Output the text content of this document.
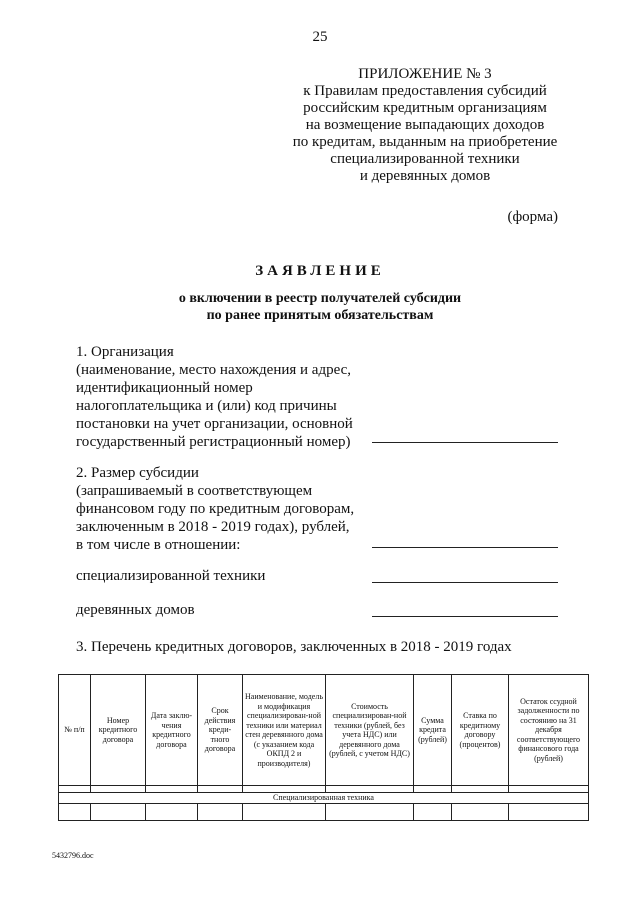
25
ПРИЛОЖЕНИЕ № 3
к Правилам предоставления субсидий
российским кредитным организациям
на возмещение выпадающих доходов
по кредитам, выданным на приобретение
специализированной техники
и деревянных домов
(форма)
ЗАЯВЛЕНИЕ
о включении в реестр получателей субсидии
по ранее принятым обязательствам
1. Организация
(наименование, место нахождения и адрес,
идентификационный номер
налогоплательщика и (или) код причины
постановки на учет организации, основной
государственный регистрационный номер)
2. Размер субсидии
(запрашиваемый в соответствующем
финансовом году по кредитным договорам,
заключенным в 2018 - 2019 годах), рублей,
в том числе в отношении:
специализированной техники
деревянных домов
3. Перечень кредитных договоров, заключенных в 2018 - 2019 годах
№ п/п	Номер кредитного договора	Дата заклю-чения кредитного договора	Срок действия креди-тного договора	Наименование, модель и модификация специализирован-ной техники или материал стен деревянного дома (с указанием кода ОКПД 2 и производителя)	Стоимость специализирован-ной техники (рублей, без учета НДС) или деревянного дома (рублей, с учетом НДС)	Сумма кредита (рублей)	Ставка по кредитному договору (процентов)	Остаток ссудной задолженности по состоянию на 31 декабря соответствующего финансового года (рублей)

Специализированная техника								

5432796.doc
